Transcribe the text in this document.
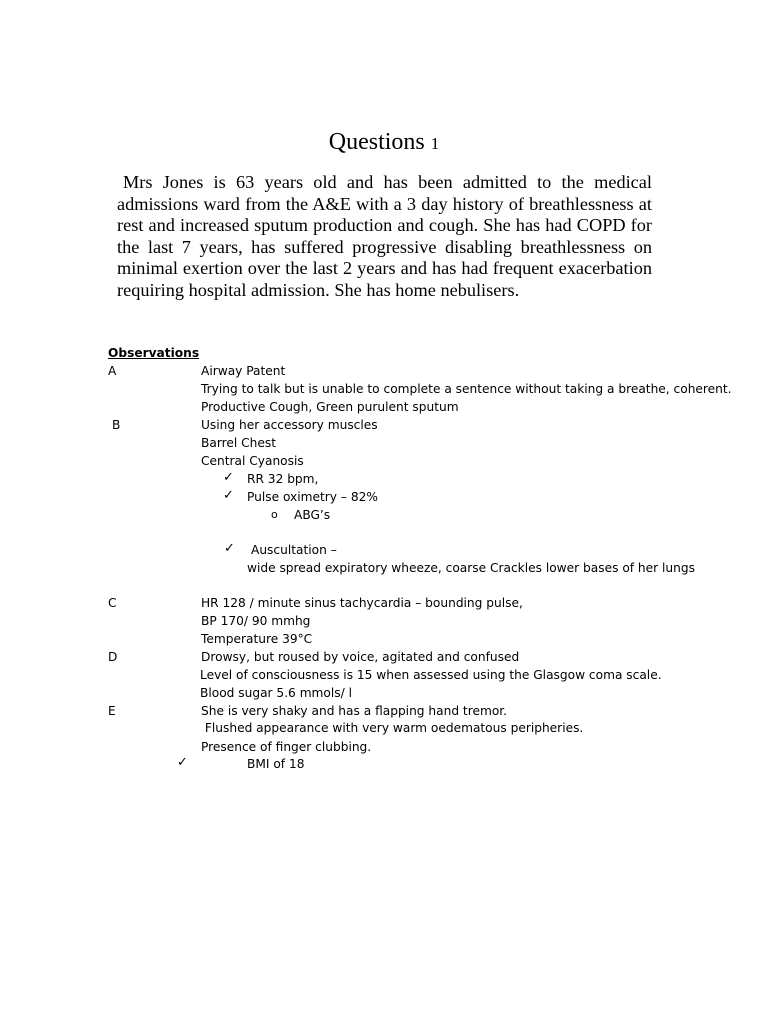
Questions 1

Mrs Jones is 63 years old and has been admitted to the medical admissions ward from the A&E with a 3 day history of breathlessness at rest and increased sputum production and cough. She has had COPD for the last 7 years, has suffered progressive disabling breathlessness on minimal exertion over the last 2 years and has had frequent exacerbation requiring hospital admission. She has home nebulisers.

Observations

A	Airway Patent

Trying to talk but is unable to complete a sentence without taking a breathe, coherent.

Productive Cough, Green purulent sputum

B	Using her accessory muscles

Barrel Chest

Central Cyanosis

✓ RR 32 bpm,

✓ Pulse oximetry – 82%

o ABG’s

✓ Auscultation –

wide spread expiratory wheeze, coarse Crackles lower bases of her lungs

C	HR 128 / minute sinus tachycardia – bounding pulse,

BP 170/ 90 mmhg

Temperature 39°C

D	Drowsy, but roused by voice, agitated and confused

Level of consciousness is 15 when assessed using the Glasgow coma scale.

Blood sugar 5.6 mmols/ l

E	She is very shaky and has a flapping hand tremor.

Flushed appearance with very warm oedematous peripheries.

Presence of finger clubbing.

✓	BMI of 18
